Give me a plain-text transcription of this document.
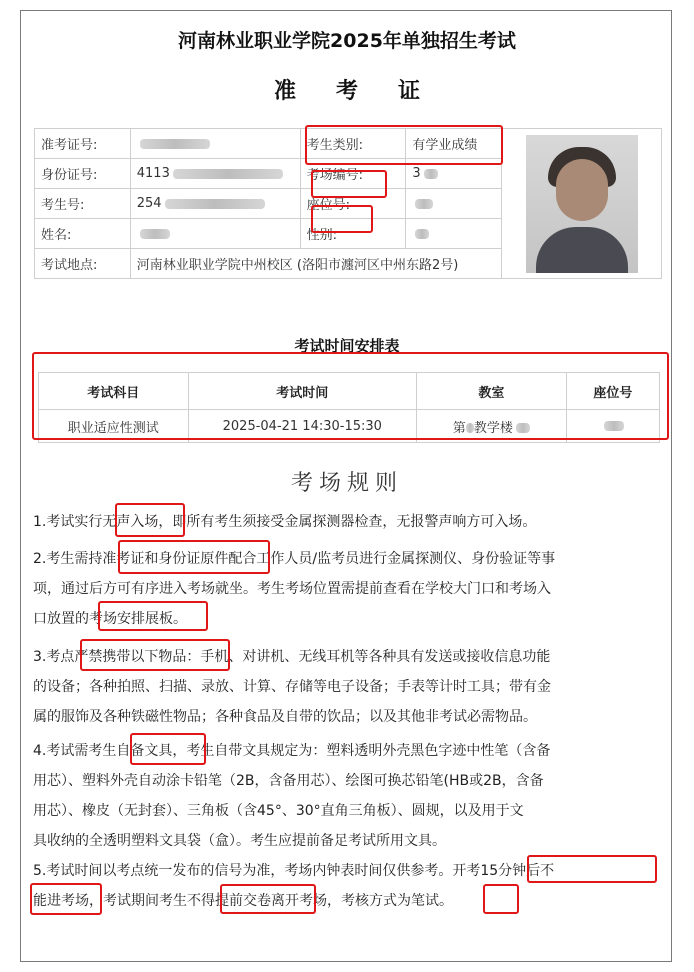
河南林业职业学院2025年单独招生考试
准考证
准考证号:		考生类别:	有学业成绩	

身份证号:	4113	考场编号:	3	
考生号:	254	座位号:		
姓名:		性别:		
考试地点:	河南林业职业学院中州校区 (洛阳市瀍河区中州东路2号)			
考试时间安排表
考试科目	考试时间	教室	座位号
职业适应性测试	2025-04-21 14:30-15:30	第 教学楼	
考场规则
1.考试实行无声入场，即所有考生须接受金属探测器检查，无报警声响方可入场。
2.考生需持准考证和身份证原件配合工作人员/监考员进行金属探测仪、身份验证等事
项，通过后方可有序进入考场就坐。考生考场位置需提前查看在学校大门口和考场入
口放置的考场安排展板。
3.考点严禁携带以下物品：手机、对讲机、无线耳机等各种具有发送或接收信息功能
的设备；各种拍照、扫描、录放、计算、存储等电子设备；手表等计时工具；带有金
属的服饰及各种铁磁性物品；各种食品及自带的饮品；以及其他非考试必需物品。
4.考试需考生自备文具，考生自带文具规定为：塑料透明外壳黑色字迹中性笔（含备
用芯）、塑料外壳自动涂卡铅笔（2B，含备用芯）、绘图可换芯铅笔(HB或2B，含备
用芯）、橡皮（无封套）、三角板（含45°、30°直角三角板）、圆规，以及用于文
具收纳的全透明塑料文具袋（盒）。考生应提前备足考试所用文具。
5.考试时间以考点统一发布的信号为准，考场内钟表时间仅供参考。开考15分钟后不
能进考场，考试期间考生不得提前交卷离开考场，考核方式为笔试。
